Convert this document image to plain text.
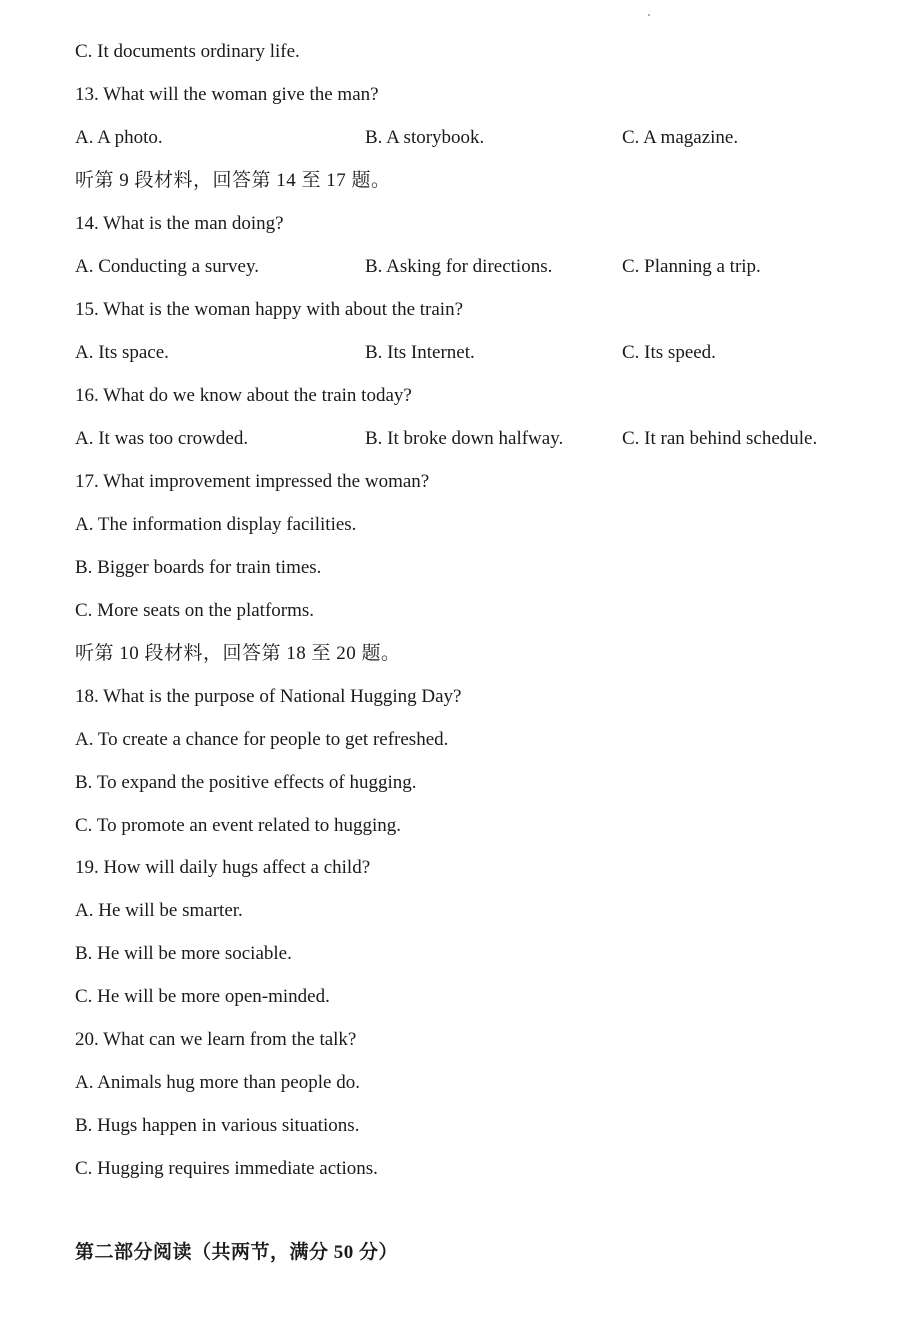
C. It documents ordinary life.
13. What will the woman give the man?
A. A photo.	B. A storybook.	C. A magazine.
听第 9 段材料，回答第 14 至 17 题。
14. What is the man doing?
A. Conducting a survey.	B. Asking for directions.	C. Planning a trip.
15. What is the woman happy with about the train?
A. Its space.	B. Its Internet.	C. Its speed.
16. What do we know about the train today?
A. It was too crowded.	B. It broke down halfway.	C. It ran behind schedule.
17. What improvement impressed the woman?
A. The information display facilities.
B. Bigger boards for train times.
C. More seats on the platforms.
听第 10 段材料，回答第 18 至 20 题。
18. What is the purpose of National Hugging Day?
A. To create a chance for people to get refreshed.
B. To expand the positive effects of hugging.
C. To promote an event related to hugging.
19. How will daily hugs affect a child?
A. He will be smarter.
B. He will be more sociable.
C. He will be more open-minded.
20. What can we learn from the talk?
A. Animals hug more than people do.
B. Hugs happen in various situations.
C. Hugging requires immediate actions.
第二部分阅读（共两节，满分 50 分）
